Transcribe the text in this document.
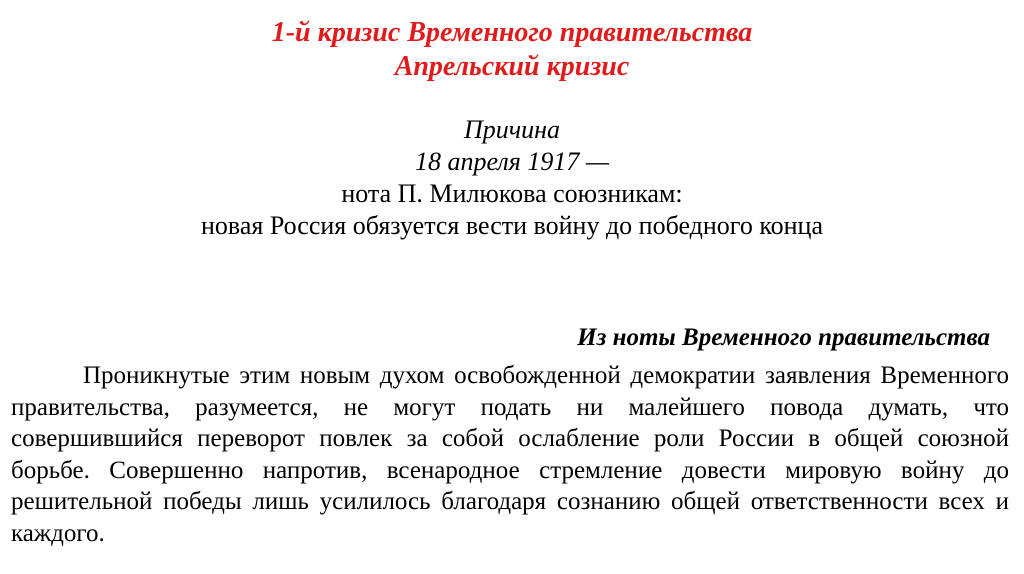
1-й кризис Временного правительства
Апрельский кризис
Причина
18 апреля 1917 —
нота П. Милюкова союзникам:
новая Россия обязуется вести войну до победного конца
Из ноты Временного правительства
Проникнутые этим новым духом освобожденной демократии заявления Временного правительства, разумеется, не могут подать ни малейшего повода думать, что совершившийся переворот повлек за собой ослабление роли России в общей союзной борьбе. Совершенно напротив, всенародное стремление довести мировую войну до решительной победы лишь усилилось благодаря сознанию общей ответственности всех и каждого.
